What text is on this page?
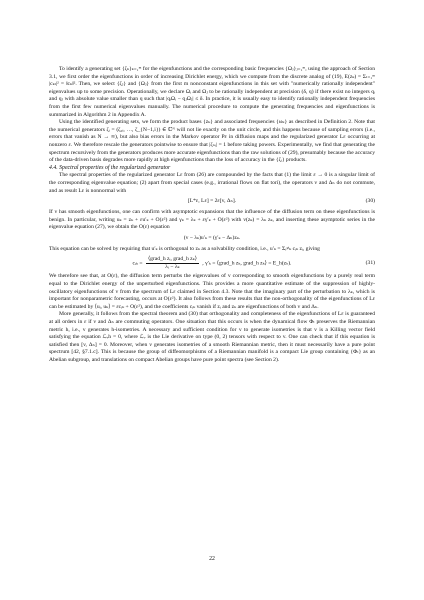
To identify a generating set {ζₖ}ₖ₌₁ᵐ for the eigenfunctions and the corresponding basic frequencies {Ωⱼ}ⱼ₌₁ᵐ, using the approach of Section 3.1, we first order the eigenfunctions in order of increasing Dirichlet energy, which we compute from the discrete analog of (19), E(zₖ) = Σₗ₌₁ᵐ |cₖₗ|² = ‖cₖ‖². Then, we select {ζⱼ} and {Ωⱼ} from the first m nonconstant eigenfunctions in this set with "numerically rationally independent" eigenvalues up to some precision. Operationally, we declare Ωᵢ and Ωⱼ to be rationally independent at precision (δ, q) if there exist no integers qᵢ and qⱼ with absolute value smaller than q such that |qᵢΩᵢ − qⱼΩⱼ| ≤ δ. In practice, it is usually easy to identify rationally independent frequencies from the first few numerical eigenvalues manually. The numerical procedure to compute the generating frequencies and eigenfunctions is summarized in Algorithm 2 in Appendix A.

Using the identified generating sets, we form the product bases {zₖ} and associated frequencies {ωₖ} as described in Definition 2. Note that the numerical generators ζᵢ = (ζ₀ᵢ, …, ζ_{N−1,i}) ∈ ℂᴺ will not lie exactly on the unit circle, and this happens because of sampling errors (i.e., errors that vanish as N → ∞), but also bias errors in the Markov operator Pε in diffusion maps and the regularized generator Lε occurring at nonzero ε. We therefore rescale the generators pointwise to ensure that |ζₙᵢ| = 1 before taking powers. Experimentally, we find that generating the spectrum recursively from the generators produces more accurate eigenfunctions than the raw solutions of (29), presumably because the accuracy of the data-driven basis degrades more rapidly at high eigenfunctions than the loss of accuracy in the {ζᵢ} products.

4.4. Spectral properties of the regularized generator

The spectral properties of the regularized generator Lε from (26) are compounded by the facts that (1) the limit ε → 0 is a singular limit of the corresponding eigenvalue equation; (2) apart from special cases (e.g., irrational flows on flat tori), the operators v and Δₕ do not commute, and as result Lε is nonnormal with

[L*ε, Lε] = 2ε[v, Δₕ].	(30)

If v has smooth eigenfunctions, one can confirm with asymptotic expansions that the influence of the diffusion term on these eigenfunctions is benign. In particular, writing uₖ = zₖ + εu′ₖ + O(ε²) and γₖ = λₖ + εγ′ₖ + O(ε²) with v(zₖ) = λₖ zₖ, and inserting these asymptotic series in the eigenvalue equation (27), we obtain the O(ε) equation

(v − λₖ)u′ₖ = (γ′ₖ − Δₕ)zₖ.

This equation can be solved by requiring that u′ₖ is orthogonal to zₖ as a solvability condition, i.e., u′ₖ = Σᵢ≠ₖ cᵢₖ zᵢ, giving

cᵢₖ = $\frac{\text{⟨grad\_h zᵢ, grad\_h zₖ⟩}}{\text{λᵢ − λₖ}}$ , γ′ₖ = ⟨grad_h zₖ, grad_h zₖ⟩ = E_h(zₖ).	(31)

We therefore see that, at O(ε), the diffusion term perturbs the eigenvalues of v corresponding to smooth eigenfunctions by a purely real term equal to the Dirichlet energy of the unperturbed eigenfunctions. This provides a more quantitative estimate of the suppression of highly-oscillatory eigenfunctions of v from the spectrum of Lε claimed in Section 4.3. Note that the imaginary part of the perturbation to λₖ, which is important for nonparametric forecasting, occurs at O(ε²). It also follows from these results that the non-orthogonality of the eigenfunctions of Lε can be estimated by ⟨uᵢ, uₖ⟩ = εcᵢₖ + O(ε²), and the coefficients cᵢₖ vanish if zᵢ and zₖ are eigenfunctions of both v and Δₕ.

More generally, it follows from the spectral theorem and (30) that orthogonality and completeness of the eigenfunctions of Lε is guaranteed at all orders in ε if v and Δₕ are commuting operators. One situation that this occurs is when the dynamical flow Φₜ preserves the Riemannian metric h, i.e., v generates h-isometries. A necessary and sufficient condition for v to generate isometries is that v is a Killing vector field satisfying the equation ℒᵥh = 0, where ℒᵥ is the Lie derivative on type (0, 2) tensors with respect to v. One can check that if this equation is satisfied then [v, Δₕ] = 0. Moreover, when v generates isometries of a smooth Riemannian metric, then it must necessarily have a pure point spectrum [42, §7.1.c]. This is because the group of diffeomorphisms of a Riemannian manifold is a compact Lie group containing {Φₜ} as an Abelian subgroup, and translations on compact Abelian groups have pure point spectra (see Section 2).

22
